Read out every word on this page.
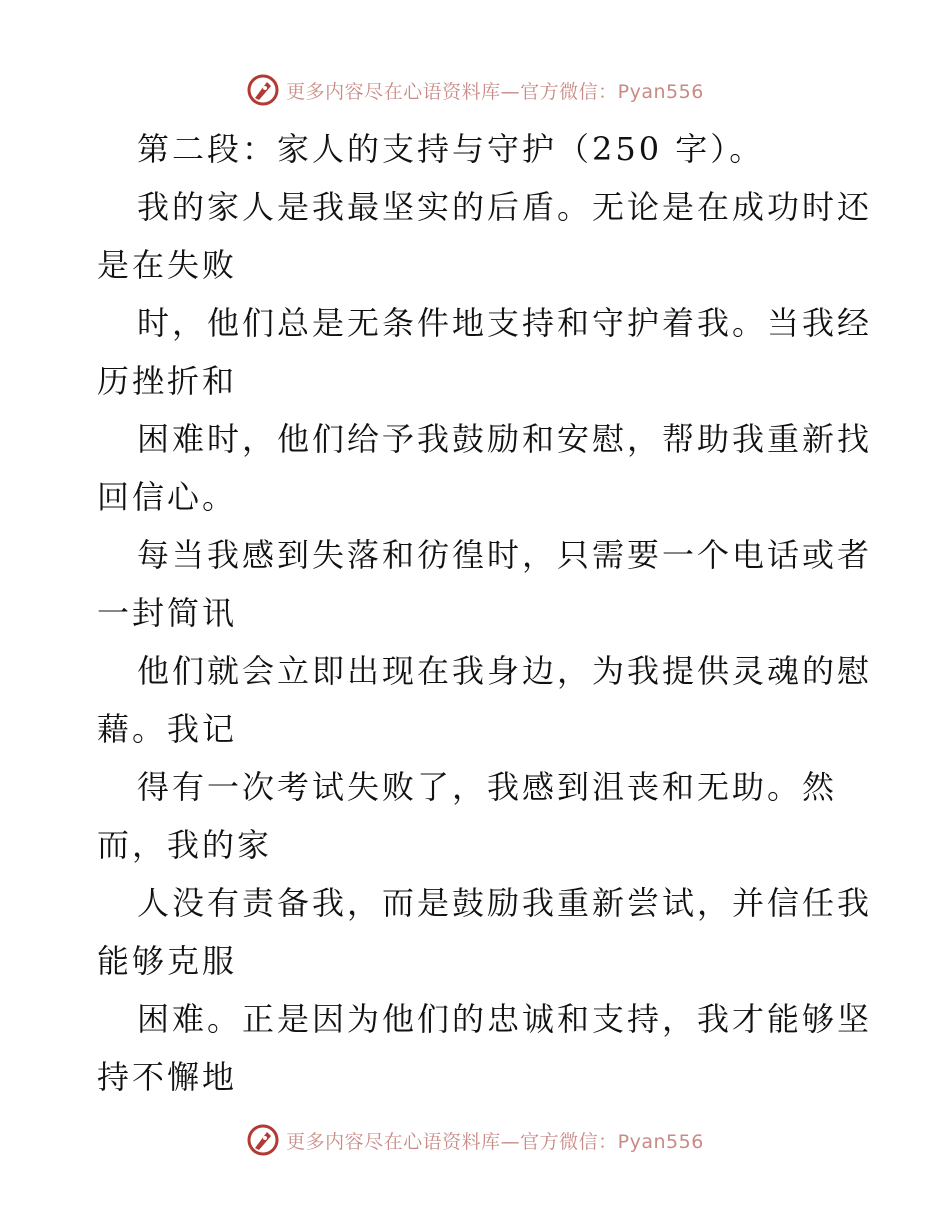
更多内容尽在心语资料库—官方微信：Pyan556

第二段：家人的支持与守护（250 字）。

我的家人是我最坚实的后盾。无论是在成功时还

是在失败

时，他们总是无条件地支持和守护着我。当我经

历挫折和

困难时，他们给予我鼓励和安慰，帮助我重新找

回信心。

每当我感到失落和彷徨时，只需要一个电话或者

一封简讯

他们就会立即出现在我身边，为我提供灵魂的慰

藉。我记

得有一次考试失败了，我感到沮丧和无助。然

而，我的家

人没有责备我，而是鼓励我重新尝试，并信任我

能够克服

困难。正是因为他们的忠诚和支持，我才能够坚

持不懈地

更多内容尽在心语资料库—官方微信：Pyan556
